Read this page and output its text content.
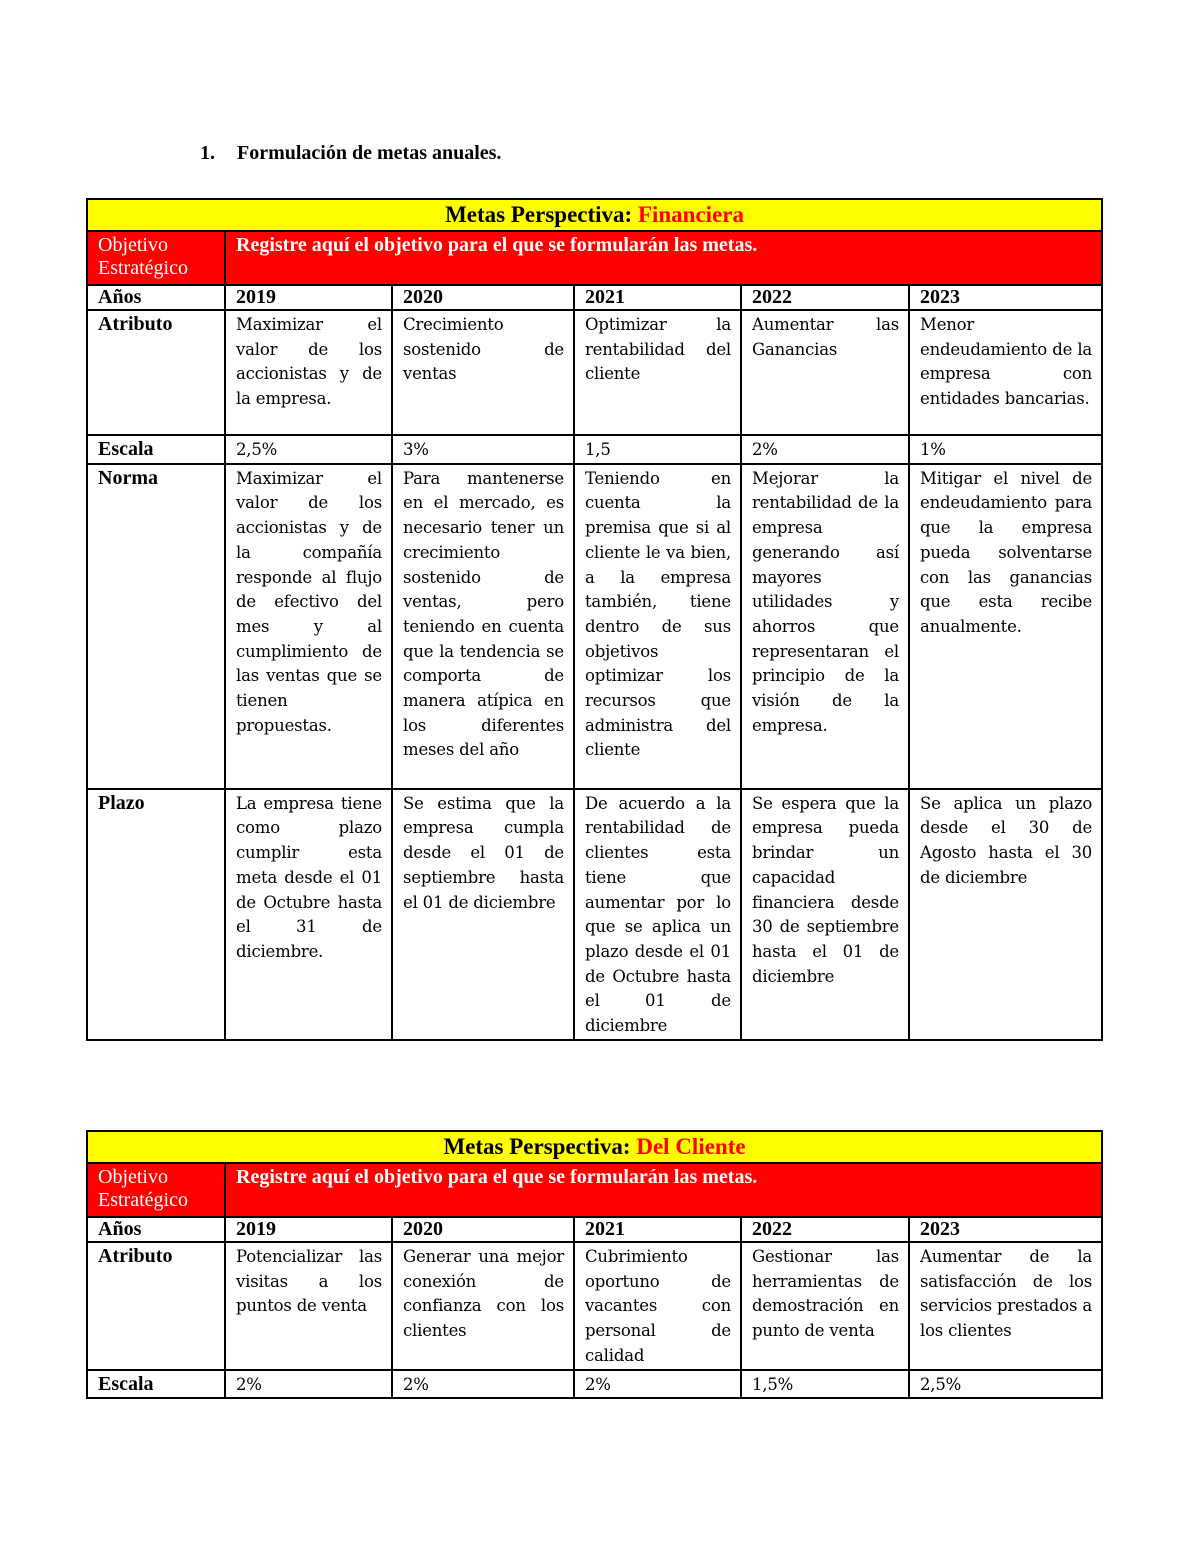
1. Formulación de metas anuales.
Metas Perspectiva: Financiera					
Objetivo Estratégico	Registre aquí el objetivo para el que se formularán las metas.				
Años	2019	2020	2021	2022	2023
Atributo	Maximizar el valor de los accionistas y de la empresa.	Crecimiento sostenido de ventas	Optimizar la rentabilidad del cliente	Aumentar las Ganancias	Menor endeudamiento de la empresa con entidades bancarias.
Escala	2,5%	3%	1,5	2%	1%
Norma	Maximizar el valor de los accionistas y de la compañía responde al flujo de efectivo del mes y al cumplimiento de las ventas que se tienen propuestas.	Para mantenerse en el mercado, es necesario tener un crecimiento sostenido de ventas, pero teniendo en cuenta que la tendencia se comporta de manera atípica en los diferentes meses del año	Teniendo en cuenta la premisa que si al cliente le va bien, a la empresa también, tiene dentro de sus objetivos optimizar los recursos que administra del cliente	Mejorar la rentabilidad de la empresa generando así mayores utilidades y ahorros que representaran el principio de la visión de la empresa.	Mitigar el nivel de endeudamiento para que la empresa pueda solventarse con las ganancias que esta recibe anualmente.
Plazo	La empresa tiene como plazo cumplir esta meta desde el 01 de Octubre hasta el 31 de diciembre.	Se estima que la empresa cumpla desde el 01 de septiembre hasta el 01 de diciembre	De acuerdo a la rentabilidad de clientes esta tiene que aumentar por lo que se aplica un plazo desde el 01 de Octubre hasta el 01 de diciembre	Se espera que la empresa pueda brindar un capacidad financiera desde 30 de septiembre hasta el 01 de diciembre	Se aplica un plazo desde el 30 de Agosto hasta el 30 de diciembre
Metas Perspectiva: Del Cliente					
Objetivo Estratégico	Registre aquí el objetivo para el que se formularán las metas.				
Años	2019	2020	2021	2022	2023
Atributo	Potencializar las visitas a los puntos de venta	Generar una mejor conexión de confianza con los clientes	Cubrimiento oportuno de vacantes con personal de calidad	Gestionar las herramientas de demostración en punto de venta	Aumentar de la satisfacción de los servicios prestados a los clientes
Escala	2%	2%	2%	1,5%	2,5%
